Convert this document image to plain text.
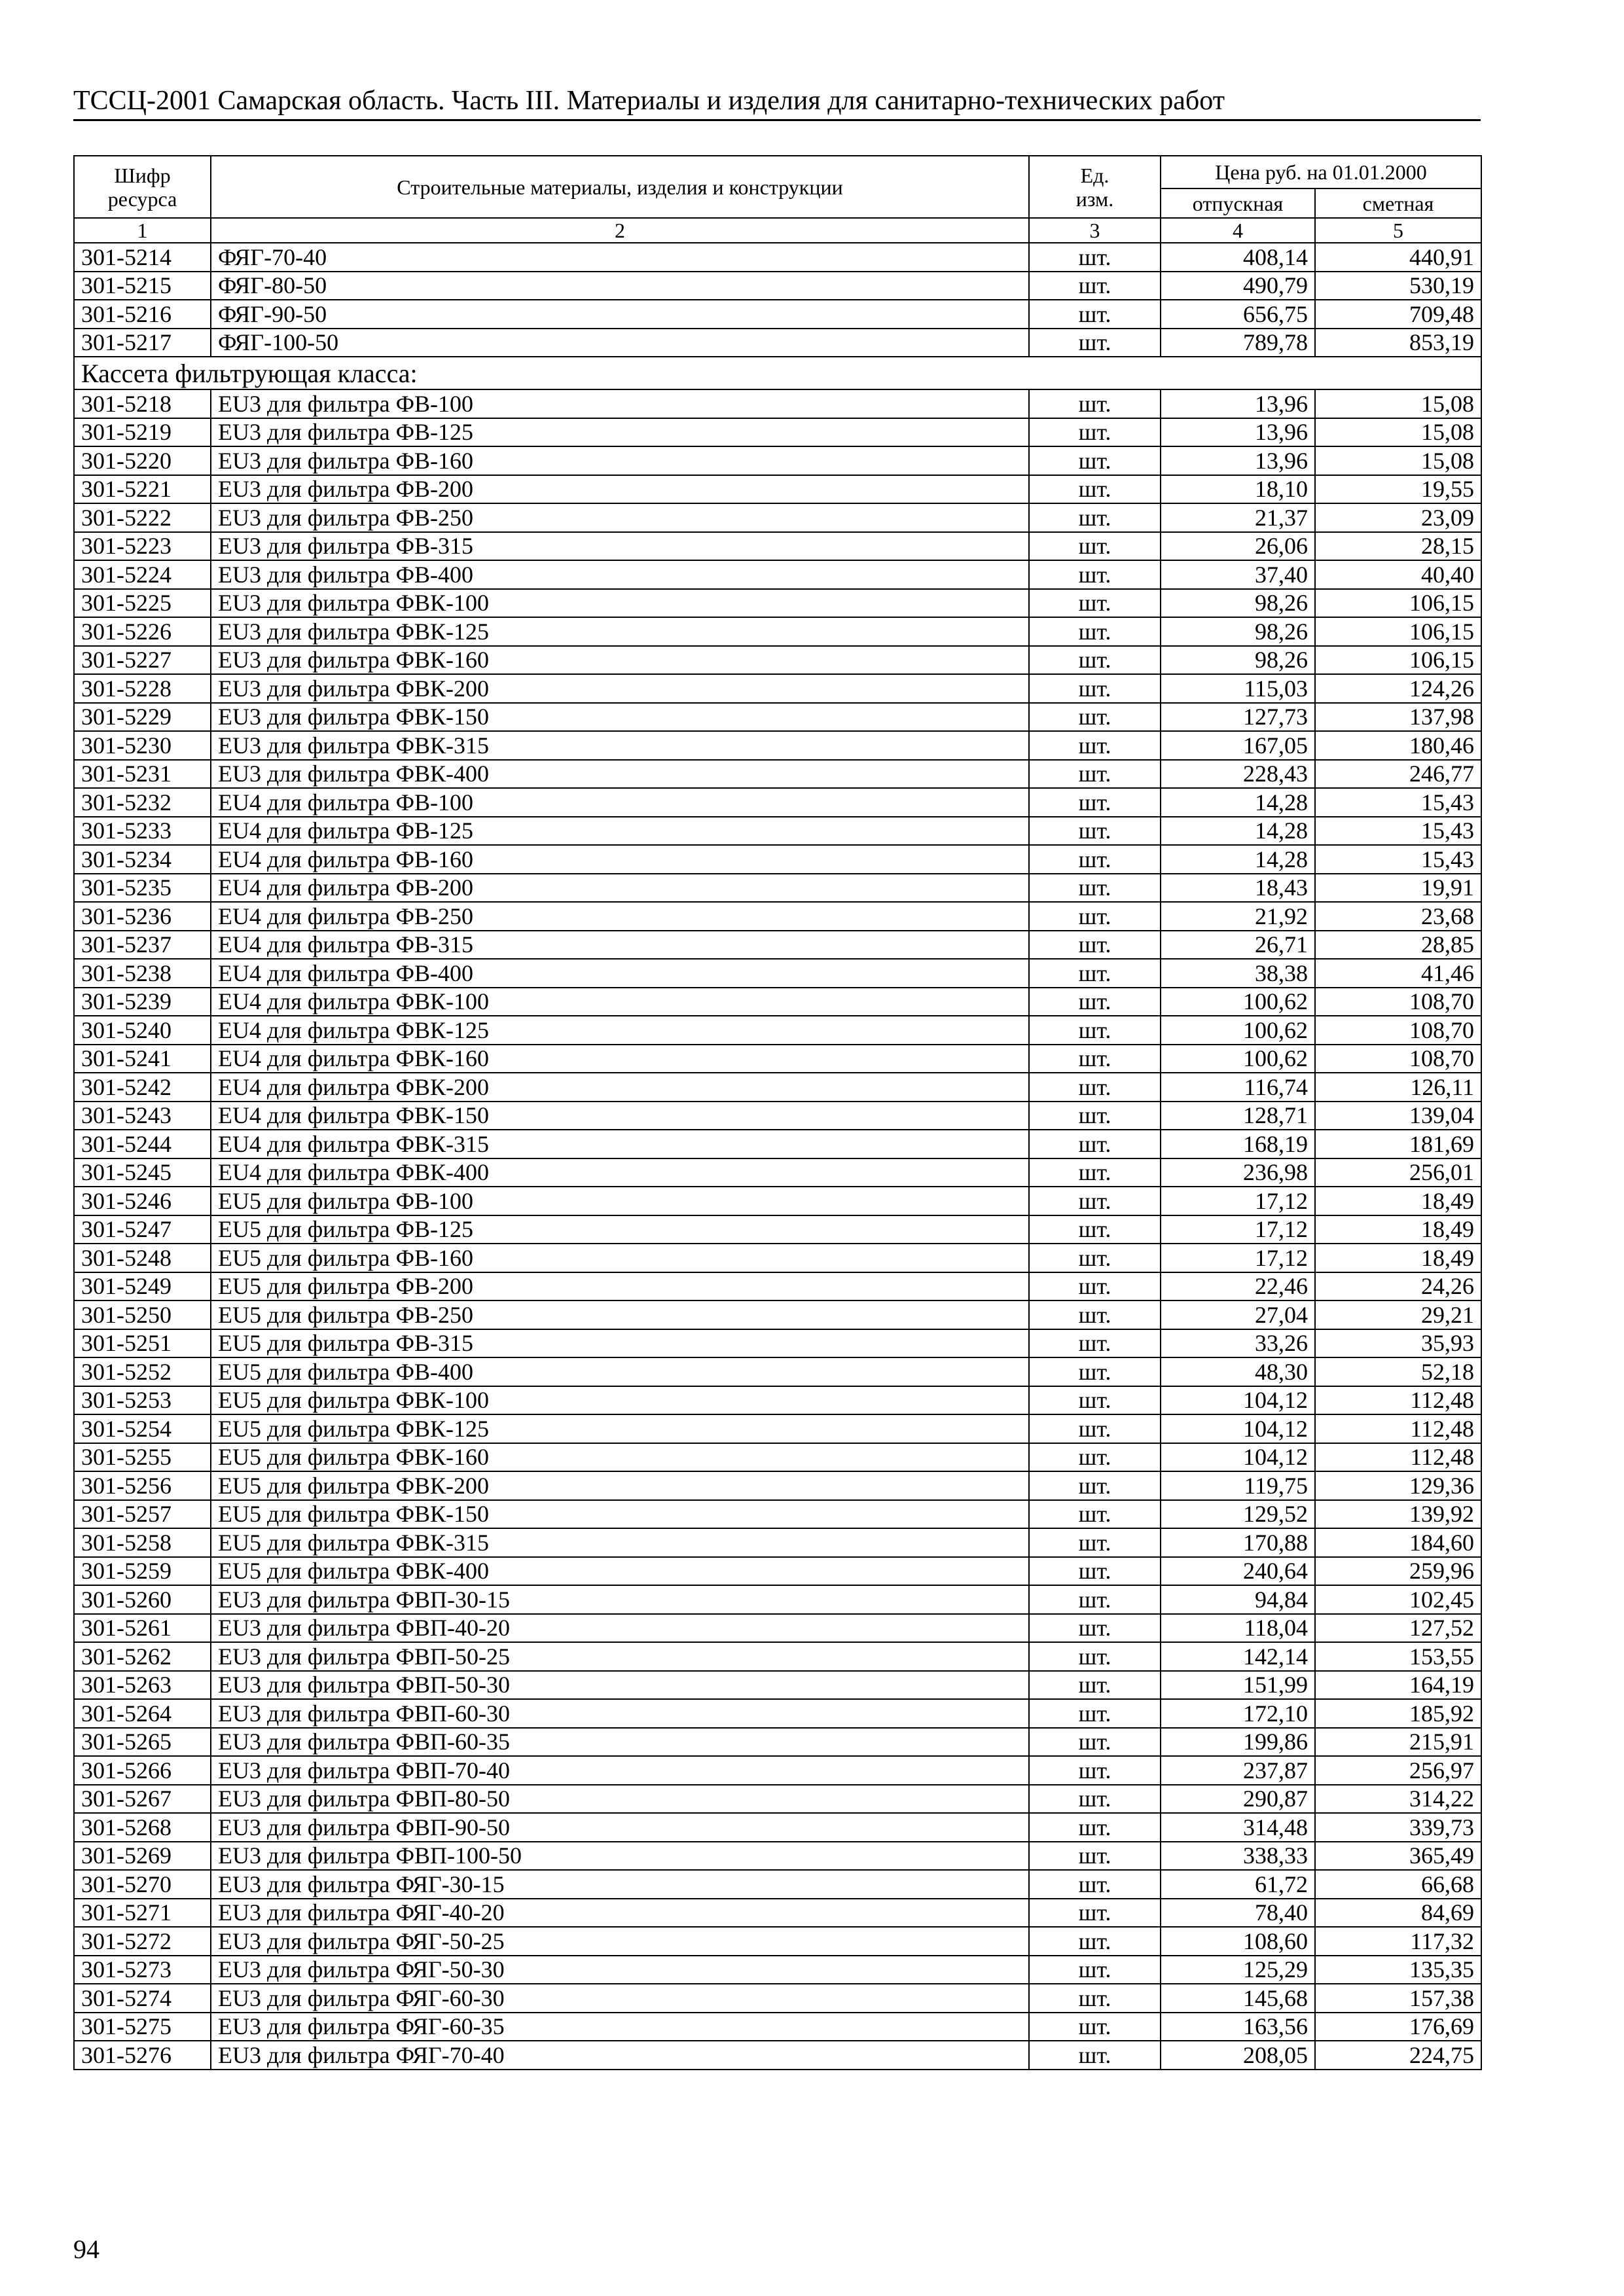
ТССЦ-2001 Самарская область. Часть III. Материалы и изделия для санитарно-технических работ
Шифр
ресурса	Строительные материалы, изделия и конструкции	Ед.
изм.	Цена руб. на 01.01.2000	
			отпускная	сметная
1	2	3	4	5
301-5214	ФЯГ-70-40	шт.	408,14	440,91
301-5215	ФЯГ-80-50	шт.	490,79	530,19
301-5216	ФЯГ-90-50	шт.	656,75	709,48
301-5217	ФЯГ-100-50	шт.	789,78	853,19
Кассета фильтрующая класса:				
301-5218	EU3 для фильтра ФВ-100	шт.	13,96	15,08
301-5219	EU3 для фильтра ФВ-125	шт.	13,96	15,08
301-5220	EU3 для фильтра ФВ-160	шт.	13,96	15,08
301-5221	EU3 для фильтра ФВ-200	шт.	18,10	19,55
301-5222	EU3 для фильтра ФВ-250	шт.	21,37	23,09
301-5223	EU3 для фильтра ФВ-315	шт.	26,06	28,15
301-5224	EU3 для фильтра ФВ-400	шт.	37,40	40,40
301-5225	EU3 для фильтра ФВК-100	шт.	98,26	106,15
301-5226	EU3 для фильтра ФВК-125	шт.	98,26	106,15
301-5227	EU3 для фильтра ФВК-160	шт.	98,26	106,15
301-5228	EU3 для фильтра ФВК-200	шт.	115,03	124,26
301-5229	EU3 для фильтра ФВК-150	шт.	127,73	137,98
301-5230	EU3 для фильтра ФВК-315	шт.	167,05	180,46
301-5231	EU3 для фильтра ФВК-400	шт.	228,43	246,77
301-5232	EU4 для фильтра ФВ-100	шт.	14,28	15,43
301-5233	EU4 для фильтра ФВ-125	шт.	14,28	15,43
301-5234	EU4 для фильтра ФВ-160	шт.	14,28	15,43
301-5235	EU4 для фильтра ФВ-200	шт.	18,43	19,91
301-5236	EU4 для фильтра ФВ-250	шт.	21,92	23,68
301-5237	EU4 для фильтра ФВ-315	шт.	26,71	28,85
301-5238	EU4 для фильтра ФВ-400	шт.	38,38	41,46
301-5239	EU4 для фильтра ФВК-100	шт.	100,62	108,70
301-5240	EU4 для фильтра ФВК-125	шт.	100,62	108,70
301-5241	EU4 для фильтра ФВК-160	шт.	100,62	108,70
301-5242	EU4 для фильтра ФВК-200	шт.	116,74	126,11
301-5243	EU4 для фильтра ФВК-150	шт.	128,71	139,04
301-5244	EU4 для фильтра ФВК-315	шт.	168,19	181,69
301-5245	EU4 для фильтра ФВК-400	шт.	236,98	256,01
301-5246	EU5 для фильтра ФВ-100	шт.	17,12	18,49
301-5247	EU5 для фильтра ФВ-125	шт.	17,12	18,49
301-5248	EU5 для фильтра ФВ-160	шт.	17,12	18,49
301-5249	EU5 для фильтра ФВ-200	шт.	22,46	24,26
301-5250	EU5 для фильтра ФВ-250	шт.	27,04	29,21
301-5251	EU5 для фильтра ФВ-315	шт.	33,26	35,93
301-5252	EU5 для фильтра ФВ-400	шт.	48,30	52,18
301-5253	EU5 для фильтра ФВК-100	шт.	104,12	112,48
301-5254	EU5 для фильтра ФВК-125	шт.	104,12	112,48
301-5255	EU5 для фильтра ФВК-160	шт.	104,12	112,48
301-5256	EU5 для фильтра ФВК-200	шт.	119,75	129,36
301-5257	EU5 для фильтра ФВК-150	шт.	129,52	139,92
301-5258	EU5 для фильтра ФВК-315	шт.	170,88	184,60
301-5259	EU5 для фильтра ФВК-400	шт.	240,64	259,96
301-5260	EU3 для фильтра ФВП-30-15	шт.	94,84	102,45
301-5261	EU3 для фильтра ФВП-40-20	шт.	118,04	127,52
301-5262	EU3 для фильтра ФВП-50-25	шт.	142,14	153,55
301-5263	EU3 для фильтра ФВП-50-30	шт.	151,99	164,19
301-5264	EU3 для фильтра ФВП-60-30	шт.	172,10	185,92
301-5265	EU3 для фильтра ФВП-60-35	шт.	199,86	215,91
301-5266	EU3 для фильтра ФВП-70-40	шт.	237,87	256,97
301-5267	EU3 для фильтра ФВП-80-50	шт.	290,87	314,22
301-5268	EU3 для фильтра ФВП-90-50	шт.	314,48	339,73
301-5269	EU3 для фильтра ФВП-100-50	шт.	338,33	365,49
301-5270	EU3 для фильтра ФЯГ-30-15	шт.	61,72	66,68
301-5271	EU3 для фильтра ФЯГ-40-20	шт.	78,40	84,69
301-5272	EU3 для фильтра ФЯГ-50-25	шт.	108,60	117,32
301-5273	EU3 для фильтра ФЯГ-50-30	шт.	125,29	135,35
301-5274	EU3 для фильтра ФЯГ-60-30	шт.	145,68	157,38
301-5275	EU3 для фильтра ФЯГ-60-35	шт.	163,56	176,69
301-5276	EU3 для фильтра ФЯГ-70-40	шт.	208,05	224,75
94
